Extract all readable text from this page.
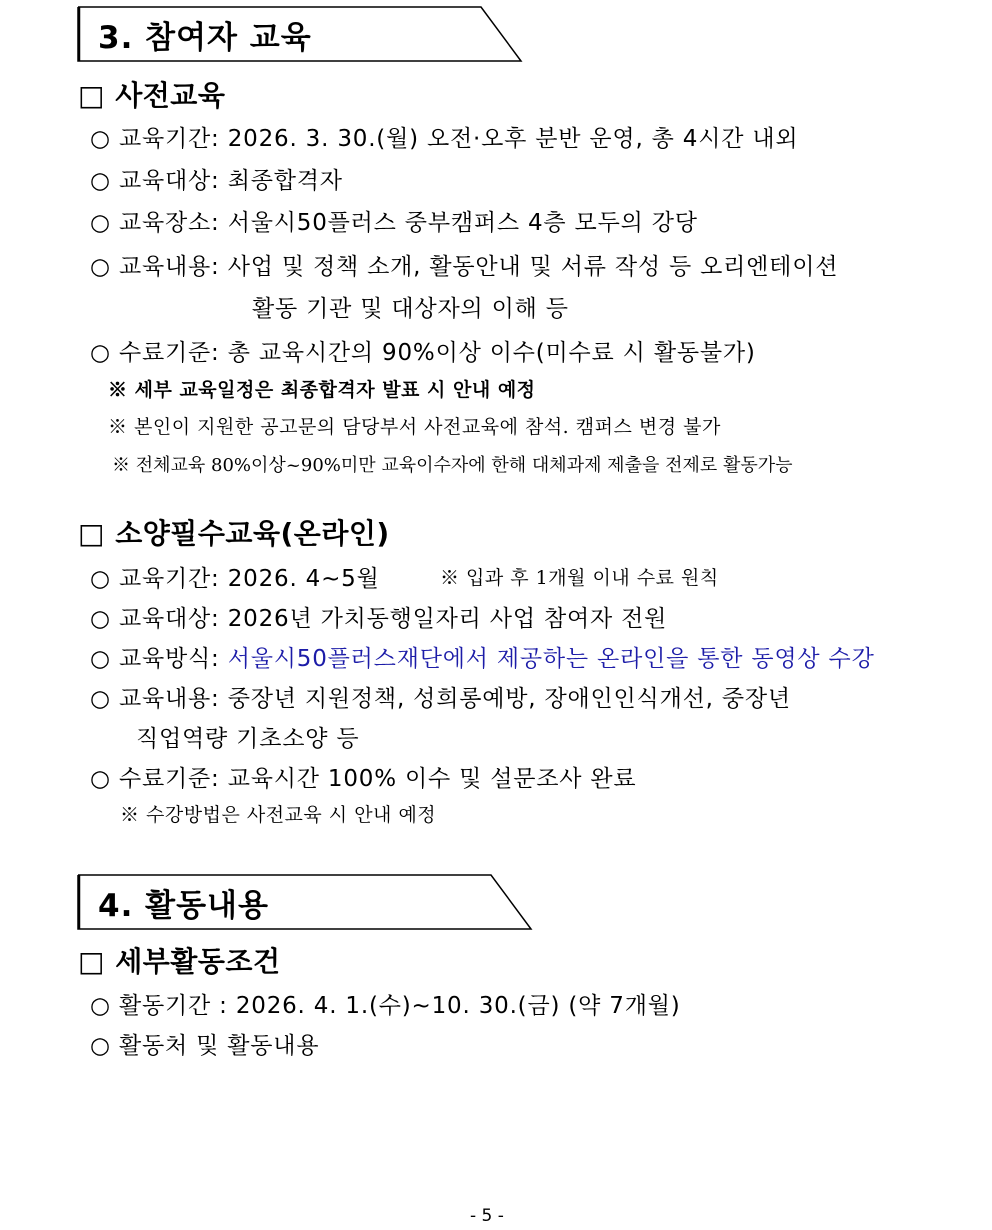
3. 참여자 교육
□ 사전교육
○ 교육기간: 2026. 3. 30.(월) 오전·오후 분반 운영, 총 4시간 내외
○ 교육대상: 최종합격자
○ 교육장소: 서울시50플러스 중부캠퍼스 4층 모두의 강당
○ 교육내용: 사업 및 정책 소개, 활동안내 및 서류 작성 등 오리엔테이션
활동 기관 및 대상자의 이해 등
○ 수료기준: 총 교육시간의 90%이상 이수(미수료 시 활동불가)
※ 세부 교육일정은 최종합격자 발표 시 안내 예정
※ 본인이 지원한 공고문의 담당부서 사전교육에 참석. 캠퍼스 변경 불가
※ 전체교육 80%이상~90%미만 교육이수자에 한해 대체과제 제출을 전제로 활동가능
□ 소양필수교육(온라인)
○ 교육기간: 2026. 4~5월	※ 입과 후 1개월 이내 수료 원칙
○ 교육대상: 2026년 가치동행일자리 사업 참여자 전원
○ 교육방식: 서울시50플러스재단에서 제공하는 온라인을 통한 동영상 수강
○ 교육내용: 중장년 지원정책, 성희롱예방, 장애인인식개선, 중장년
직업역량 기초소양 등
○ 수료기준: 교육시간 100% 이수 및 설문조사 완료
※ 수강방법은 사전교육 시 안내 예정
4. 활동내용
□ 세부활동조건
○ 활동기간 : 2026. 4. 1.(수)~10. 30.(금) (약 7개월)
○ 활동처 및 활동내용
- 5 -
